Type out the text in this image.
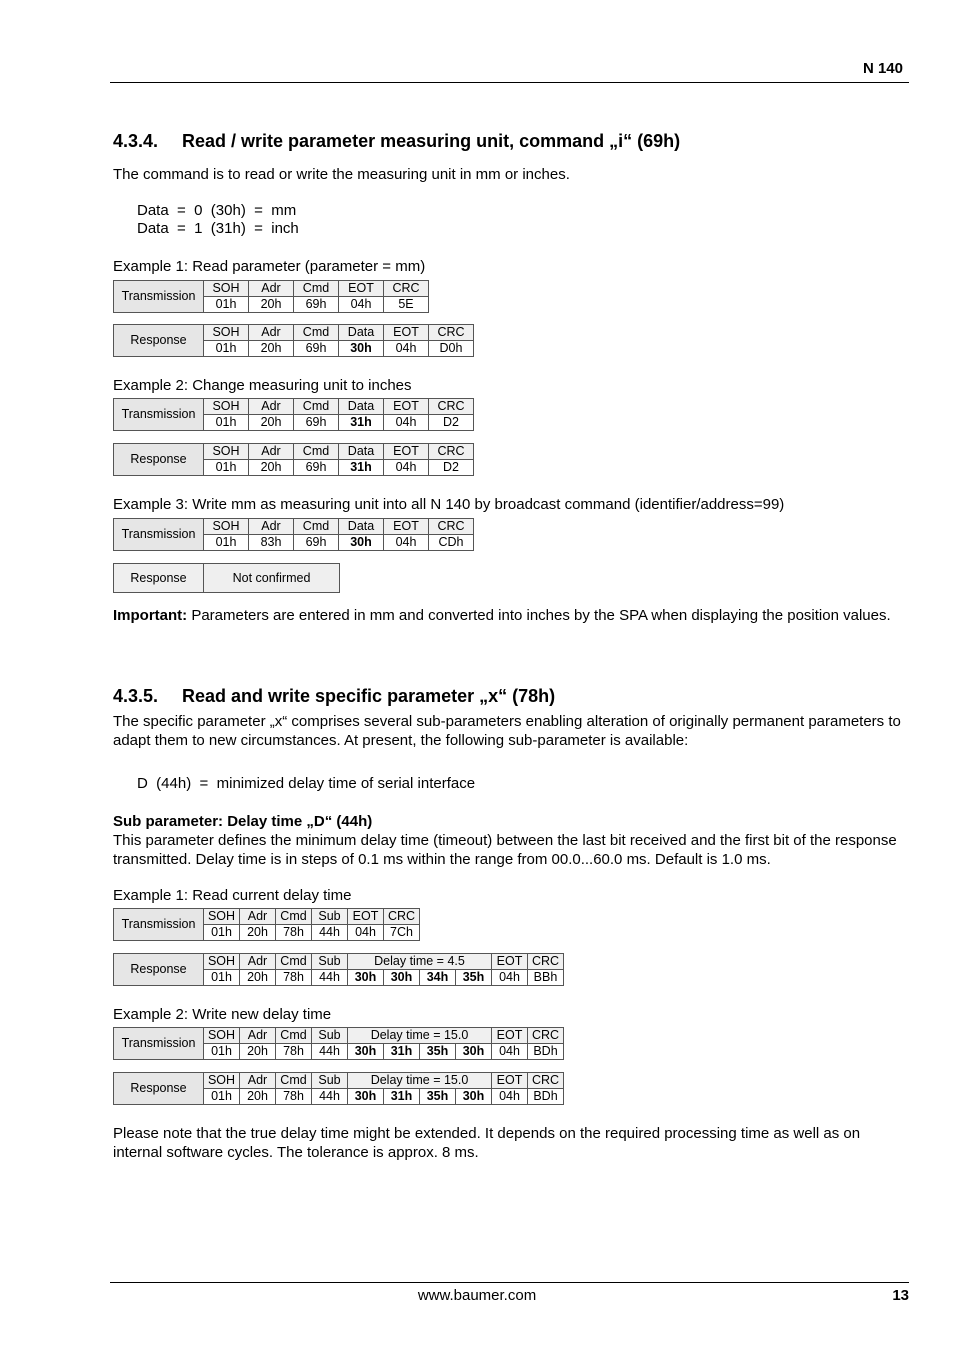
N 140
4.3.4. Read / write parameter measuring unit, command „i“ (69h)
The command is to read or write the measuring unit in mm or inches.
Data  =  0  (30h)  =  mm
Data  =  1  (31h)  =  inch
Example 1: Read parameter (parameter = mm)
Transmission	SOH	Adr	Cmd	EOT	CRC
	01h	20h	69h	04h	5E
Response	SOH	Adr	Cmd	Data	EOT	CRC
	01h	20h	69h	30h	04h	D0h
Example 2: Change measuring unit to inches
Transmission	SOH	Adr	Cmd	Data	EOT	CRC
	01h	20h	69h	31h	04h	D2
Response	SOH	Adr	Cmd	Data	EOT	CRC
	01h	20h	69h	31h	04h	D2
Example 3: Write mm as measuring unit into all N 140 by broadcast command (identifier/address=99)
Transmission	SOH	Adr	Cmd	Data	EOT	CRC
	01h	83h	69h	30h	04h	CDh
Response	Not confirmed
Important: Parameters are entered in mm and converted into inches by the SPA when displaying the position values.
4.3.5. Read and write specific parameter „x“ (78h)
The specific parameter „x“ comprises several sub-parameters enabling alteration of originally permanent parameters to adapt them to new circumstances. At present, the following sub-parameter is available:
D  (44h)  =  minimized delay time of serial interface
Sub parameter: Delay time „D“ (44h)
This parameter defines the minimum delay time (timeout) between the last bit received and the first bit of the response transmitted. Delay time is in steps of 0.1 ms within the range from 00.0...60.0 ms. Default is 1.0 ms.
Example 1: Read current delay time
Transmission	SOH	Adr	Cmd	Sub	EOT	CRC
	01h	20h	78h	44h	04h	7Ch
Response	SOH	Adr	Cmd	Sub	Delay time = 4.5				EOT	CRC
	01h	20h	78h	44h	30h	30h	34h	35h	04h	BBh
Example 2: Write new delay time
Transmission	SOH	Adr	Cmd	Sub	Delay time = 15.0				EOT	CRC
	01h	20h	78h	44h	30h	31h	35h	30h	04h	BDh
Response	SOH	Adr	Cmd	Sub	Delay time = 15.0				EOT	CRC
	01h	20h	78h	44h	30h	31h	35h	30h	04h	BDh
Please note that the true delay time might be extended. It depends on the required processing time as well as on internal software cycles. The tolerance is approx. 8 ms.
www.baumer.com	13
